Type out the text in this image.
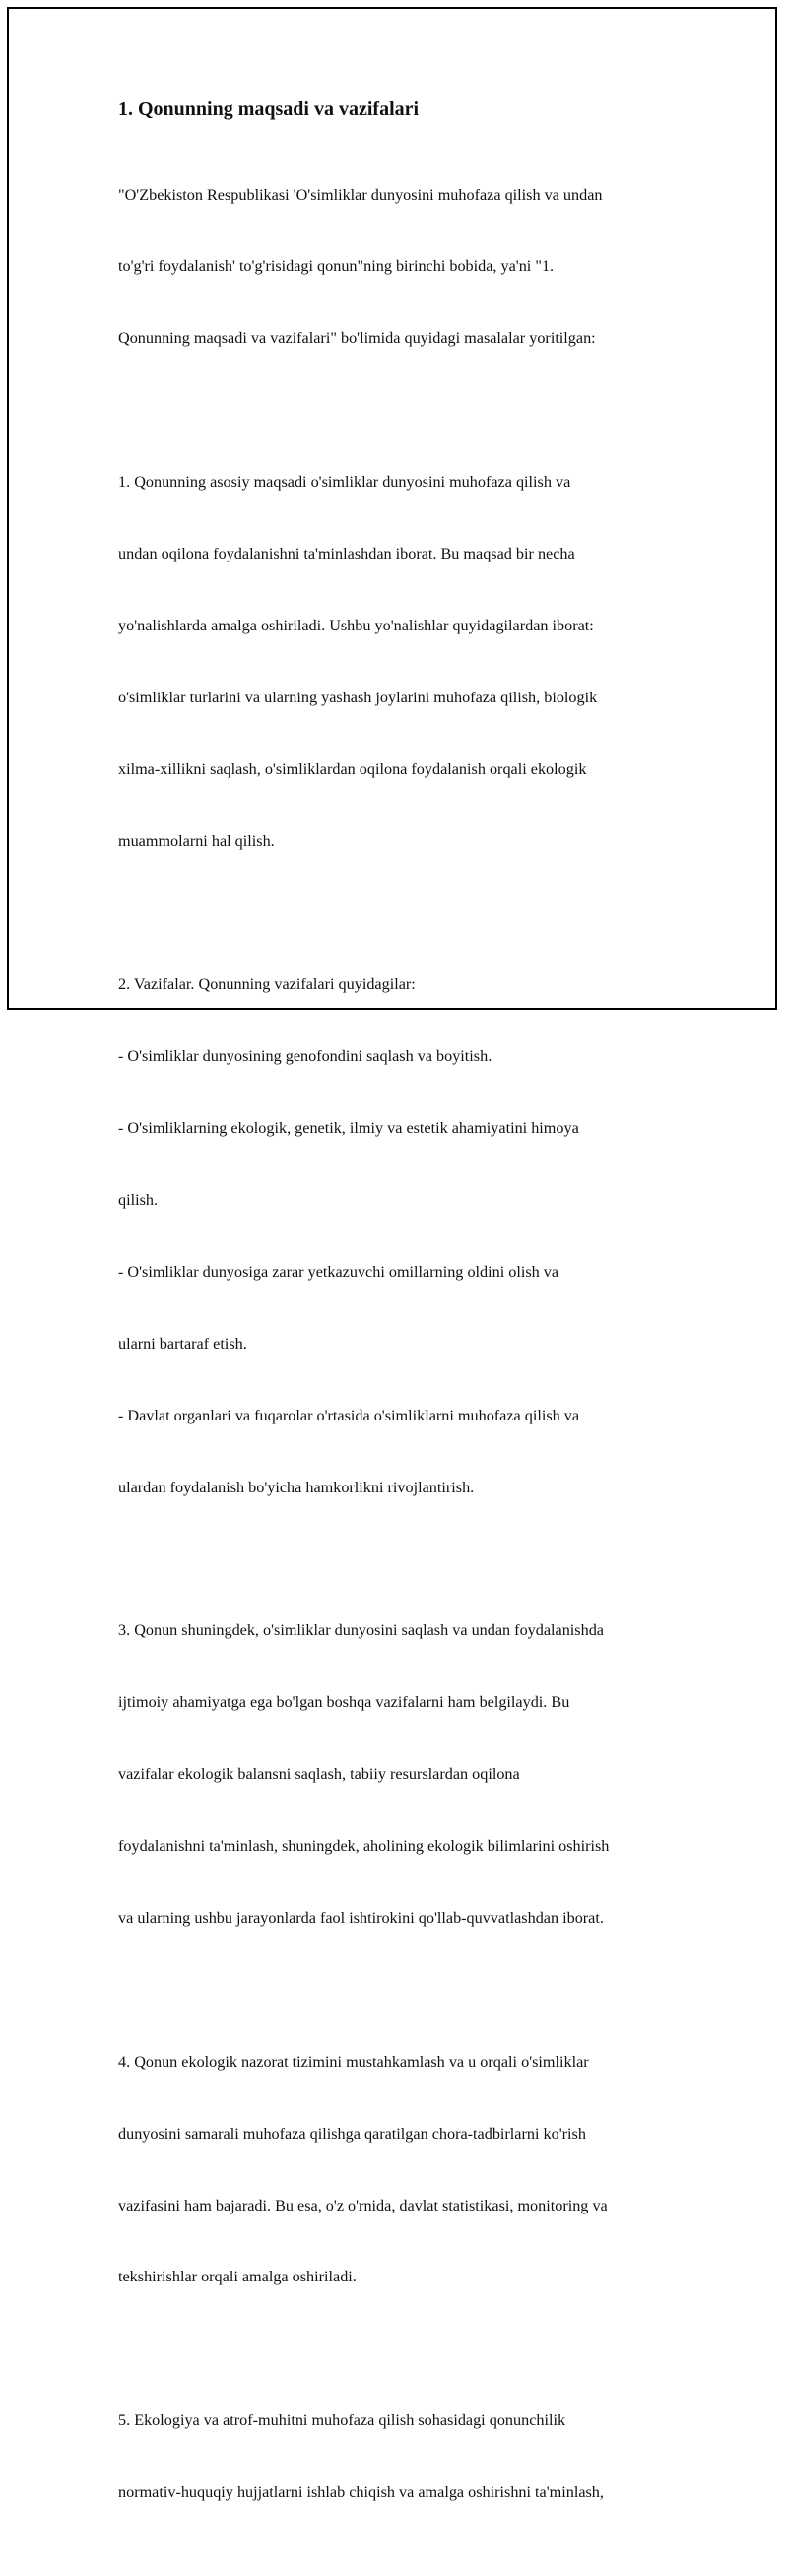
1. Qonunning maqsadi va vazifalari

"O'Zbekiston Respublikasi 'O'simliklar dunyosini muhofaza qilish va undan

to'g'ri foydalanish' to'g'risidagi qonun"ning birinchi bobida, ya'ni "1.

Qonunning maqsadi va vazifalari" bo'limida quyidagi masalalar yoritilgan:

1. Qonunning asosiy maqsadi o'simliklar dunyosini muhofaza qilish va

undan oqilona foydalanishni ta'minlashdan iborat. Bu maqsad bir necha

yo'nalishlarda amalga oshiriladi. Ushbu yo'nalishlar quyidagilardan iborat:

o'simliklar turlarini va ularning yashash joylarini muhofaza qilish, biologik

xilma-xillikni saqlash, o'simliklardan oqilona foydalanish orqali ekologik

muammolarni hal qilish.

2. Vazifalar. Qonunning vazifalari quyidagilar:

- O'simliklar dunyosining genofondini saqlash va boyitish.

- O'simliklarning ekologik, genetik, ilmiy va estetik ahamiyatini himoya

qilish.

- O'simliklar dunyosiga zarar yetkazuvchi omillarning oldini olish va

ularni bartaraf etish.

- Davlat organlari va fuqarolar o'rtasida o'simliklarni muhofaza qilish va

ulardan foydalanish bo'yicha hamkorlikni rivojlantirish.

3. Qonun shuningdek, o'simliklar dunyosini saqlash va undan foydalanishda

ijtimoiy ahamiyatga ega bo'lgan boshqa vazifalarni ham belgilaydi. Bu

vazifalar ekologik balansni saqlash, tabiiy resurslardan oqilona

foydalanishni ta'minlash, shuningdek, aholining ekologik bilimlarini oshirish

va ularning ushbu jarayonlarda faol ishtirokini qo'llab-quvvatlashdan iborat.

4. Qonun ekologik nazorat tizimini mustahkamlash va u orqali o'simliklar

dunyosini samarali muhofaza qilishga qaratilgan chora-tadbirlarni ko'rish

vazifasini ham bajaradi. Bu esa, o'z o'rnida, davlat statistikasi, monitoring va

tekshirishlar orqali amalga oshiriladi.

5. Ekologiya va atrof-muhitni muhofaza qilish sohasidagi qonunchilik

normativ-huquqiy hujjatlarni ishlab chiqish va amalga oshirishni ta'minlash,
